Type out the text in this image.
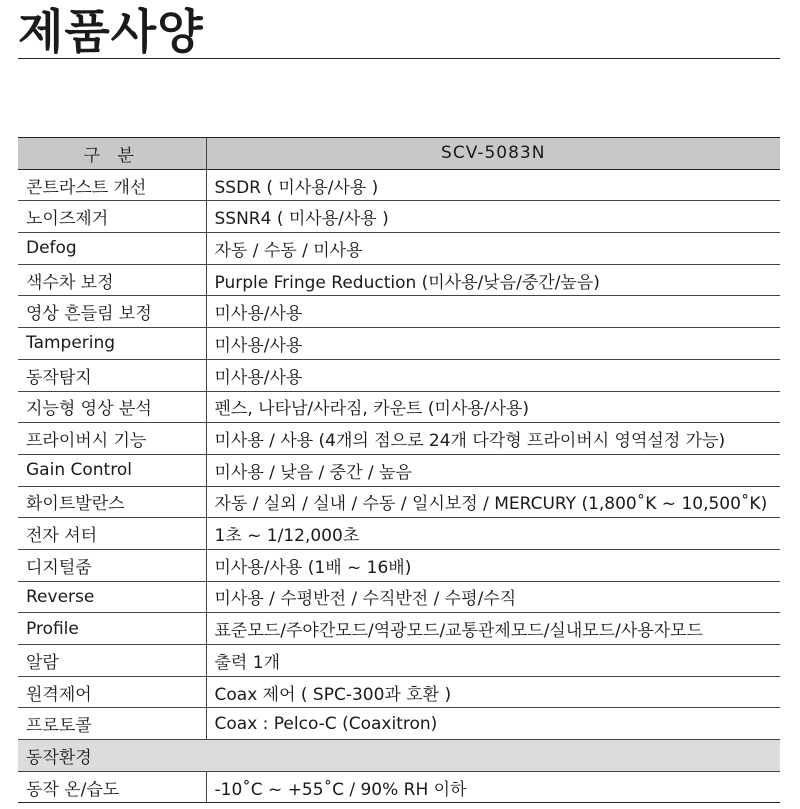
제품사양
구 분	SCV-5083N
콘트라스트 개선	SSDR ( 미사용/사용 )
노이즈제거	SSNR4 ( 미사용/사용 )
Defog	자동 / 수동 / 미사용
색수차 보정	Purple Fringe Reduction (미사용/낮음/중간/높음)
영상 흔들림 보정	미사용/사용
Tampering	미사용/사용
동작탐지	미사용/사용
지능형 영상 분석	펜스, 나타남/사라짐, 카운트 (미사용/사용)
프라이버시 기능	미사용 / 사용 (4개의 점으로 24개 다각형 프라이버시 영역설정 가능)
Gain Control	미사용 / 낮음 / 중간 / 높음
화이트발란스	자동 / 실외 / 실내 / 수동 / 일시보정 / MERCURY (1,800˚K ~ 10,500˚K)
전자 셔터	1초 ~ 1/12,000초
디지털줌	미사용/사용 (1배 ~ 16배)
Reverse	미사용 / 수평반전 / 수직반전 / 수평/수직
Profile	표준모드/주야간모드/역광모드/교통관제모드/실내모드/사용자모드
알람	출력 1개
원격제어	Coax 제어 ( SPC-300과 호환 )
프로토콜	Coax : Pelco-C (Coaxitron)
동작환경	
동작 온/습도	-10˚C ~ +55˚C / 90% RH 이하
